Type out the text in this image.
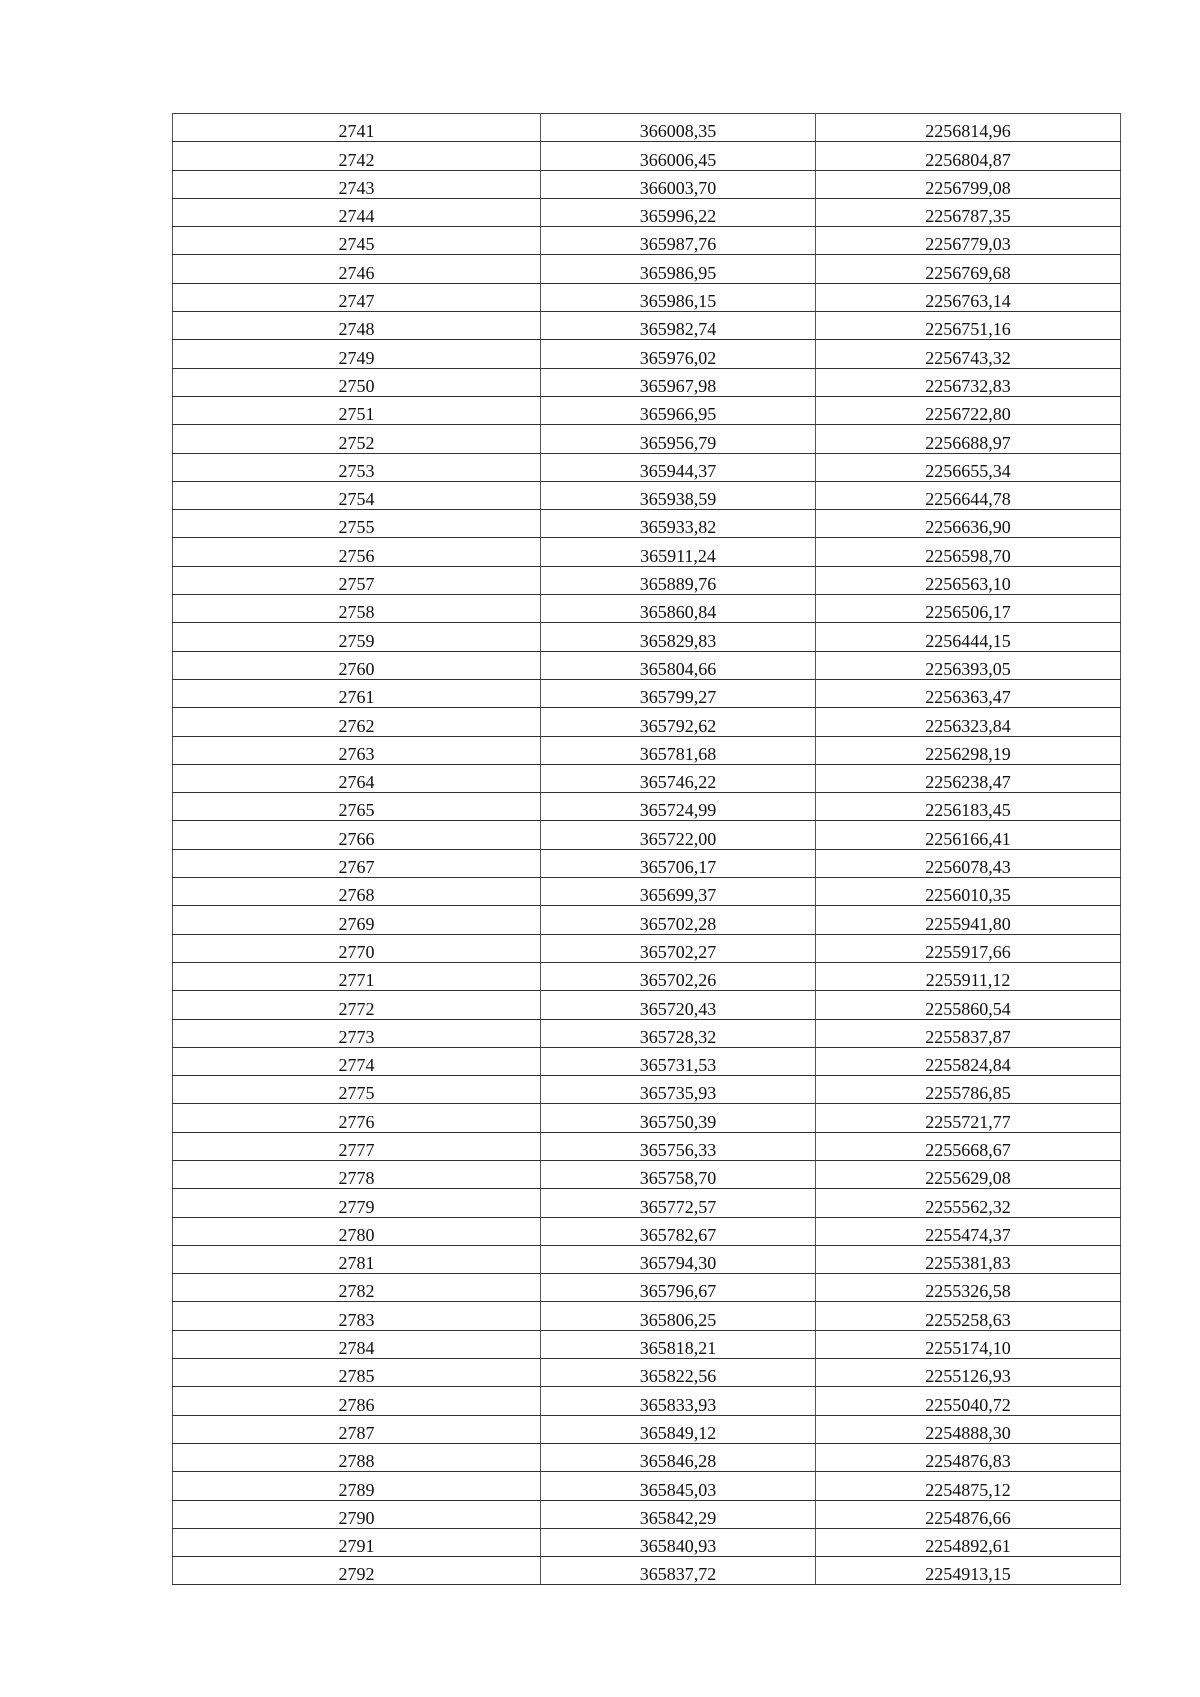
2741	366008,35	2256814,96
2742	366006,45	2256804,87
2743	366003,70	2256799,08
2744	365996,22	2256787,35
2745	365987,76	2256779,03
2746	365986,95	2256769,68
2747	365986,15	2256763,14
2748	365982,74	2256751,16
2749	365976,02	2256743,32
2750	365967,98	2256732,83
2751	365966,95	2256722,80
2752	365956,79	2256688,97
2753	365944,37	2256655,34
2754	365938,59	2256644,78
2755	365933,82	2256636,90
2756	365911,24	2256598,70
2757	365889,76	2256563,10
2758	365860,84	2256506,17
2759	365829,83	2256444,15
2760	365804,66	2256393,05
2761	365799,27	2256363,47
2762	365792,62	2256323,84
2763	365781,68	2256298,19
2764	365746,22	2256238,47
2765	365724,99	2256183,45
2766	365722,00	2256166,41
2767	365706,17	2256078,43
2768	365699,37	2256010,35
2769	365702,28	2255941,80
2770	365702,27	2255917,66
2771	365702,26	2255911,12
2772	365720,43	2255860,54
2773	365728,32	2255837,87
2774	365731,53	2255824,84
2775	365735,93	2255786,85
2776	365750,39	2255721,77
2777	365756,33	2255668,67
2778	365758,70	2255629,08
2779	365772,57	2255562,32
2780	365782,67	2255474,37
2781	365794,30	2255381,83
2782	365796,67	2255326,58
2783	365806,25	2255258,63
2784	365818,21	2255174,10
2785	365822,56	2255126,93
2786	365833,93	2255040,72
2787	365849,12	2254888,30
2788	365846,28	2254876,83
2789	365845,03	2254875,12
2790	365842,29	2254876,66
2791	365840,93	2254892,61
2792	365837,72	2254913,15
